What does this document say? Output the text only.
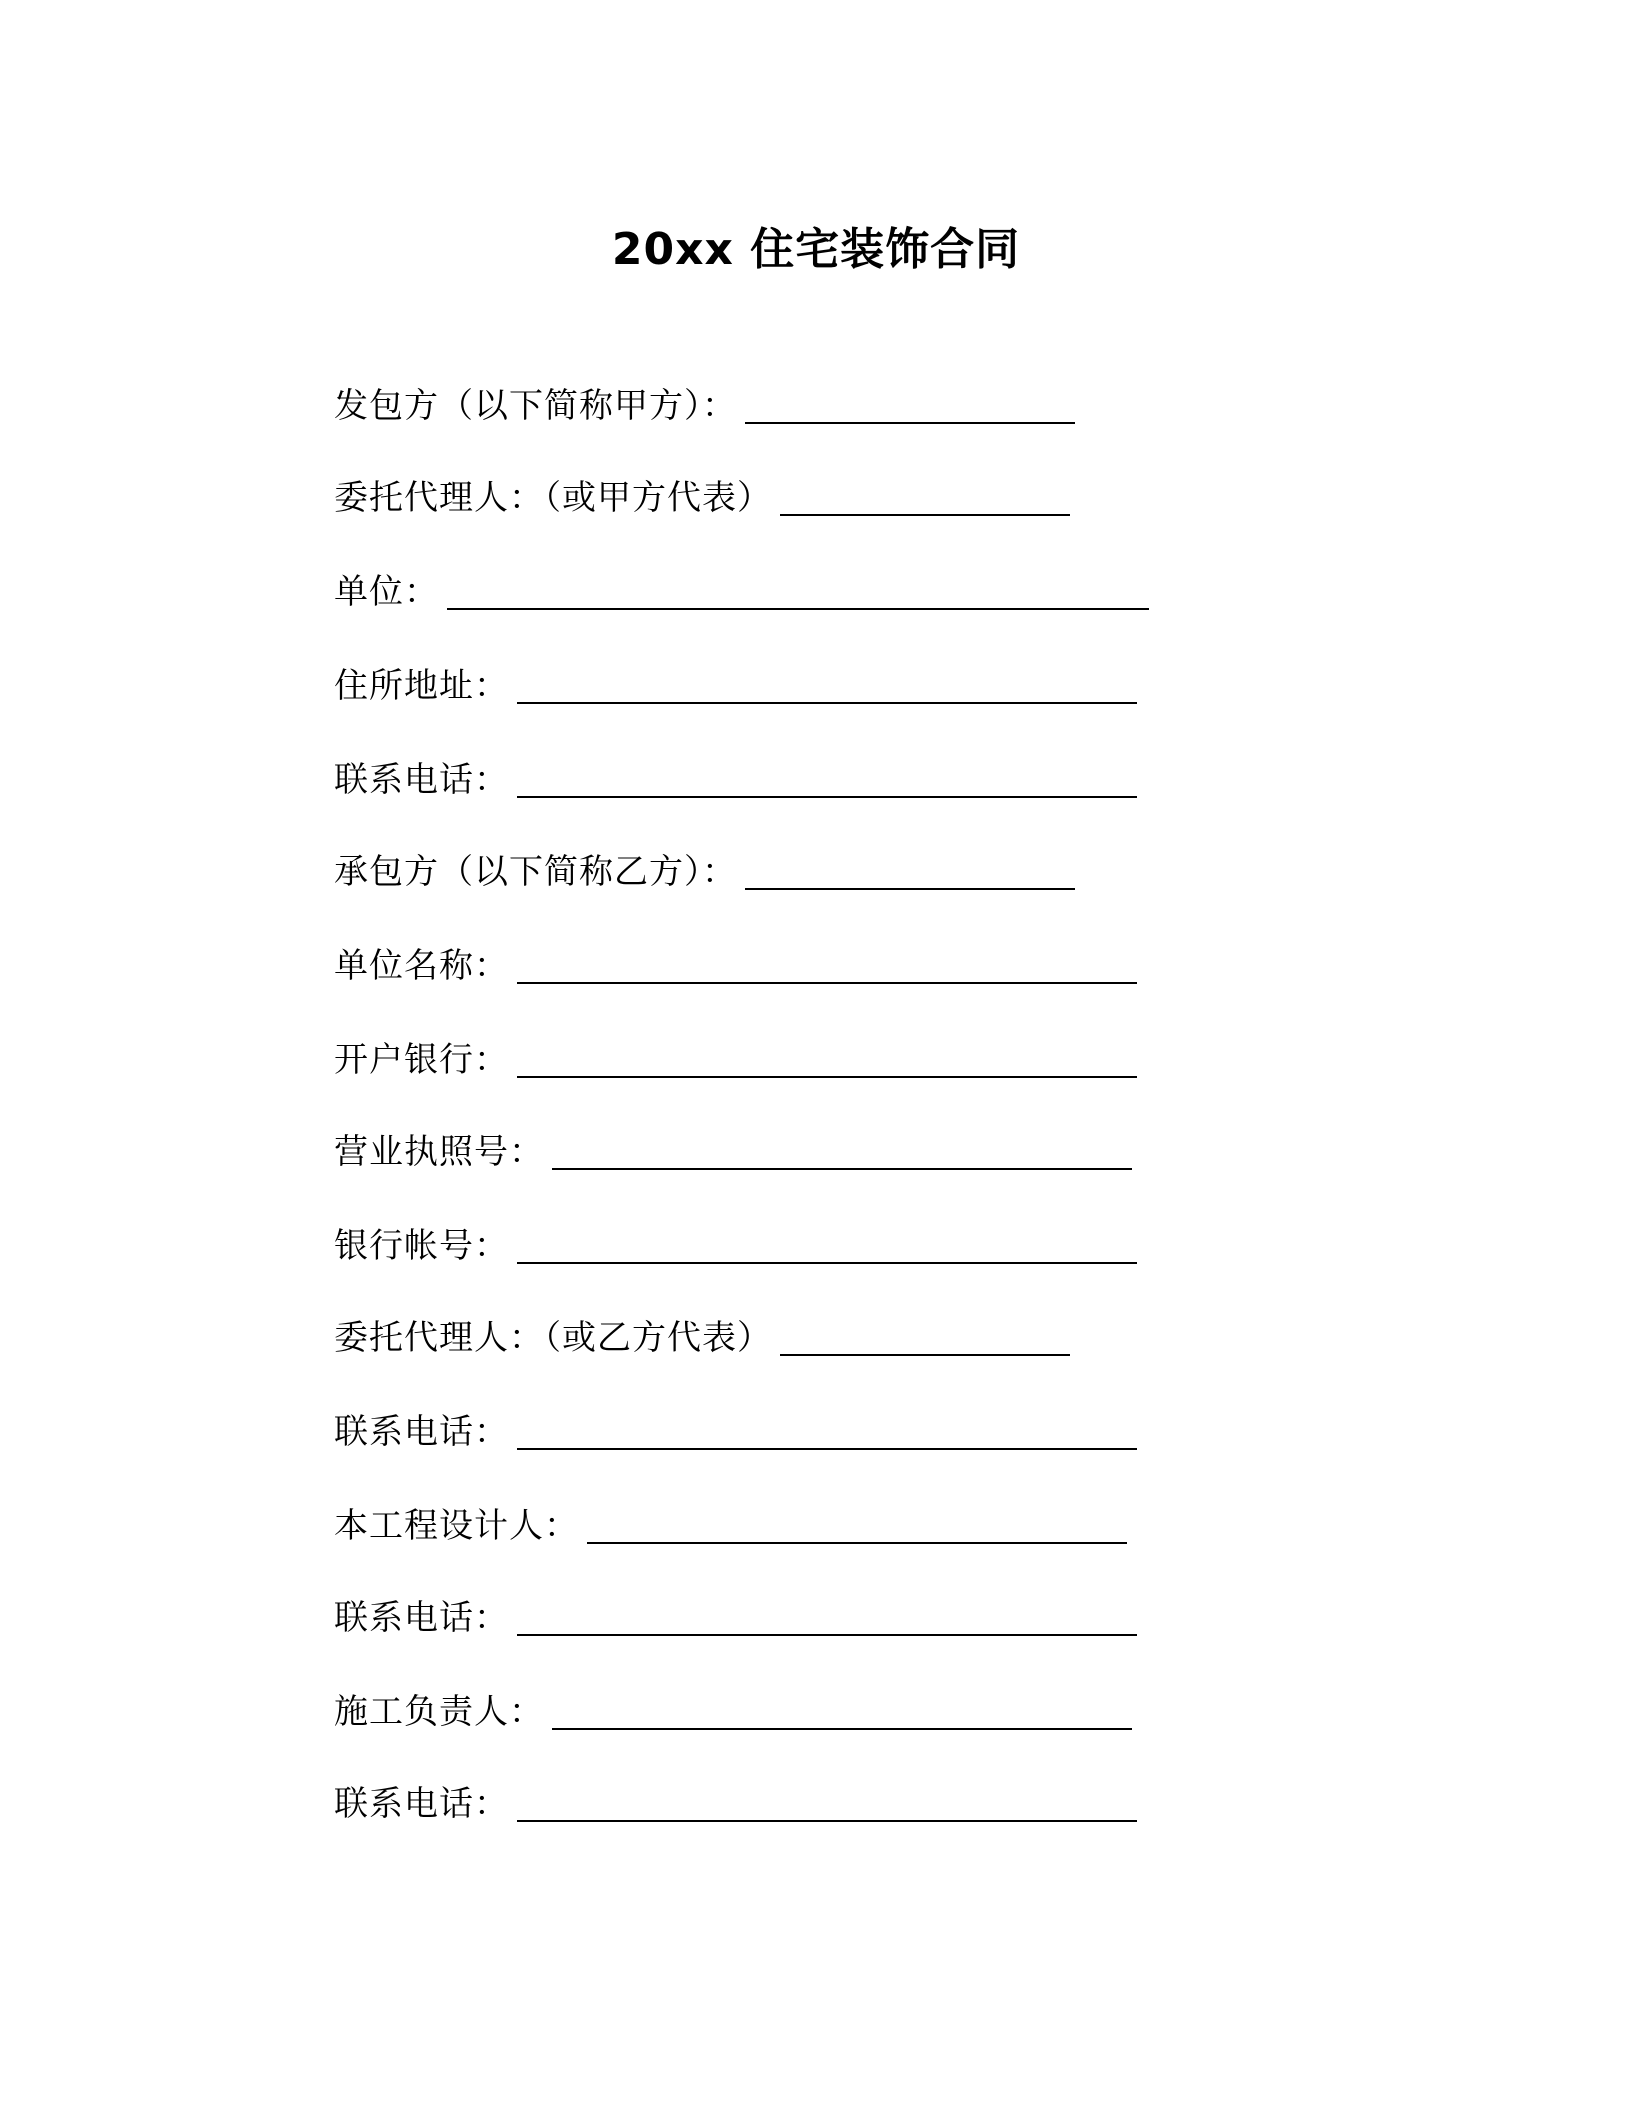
20xx 住宅装饰合同
发包方（以下简称甲方）：
委托代理人：（或甲方代表）
单位：
住所地址：
联系电话：
承包方（以下简称乙方）：
单位名称：
开户银行：
营业执照号：
银行帐号：
委托代理人：（或乙方代表）
联系电话：
本工程设计人：
联系电话：
施工负责人：
联系电话：
